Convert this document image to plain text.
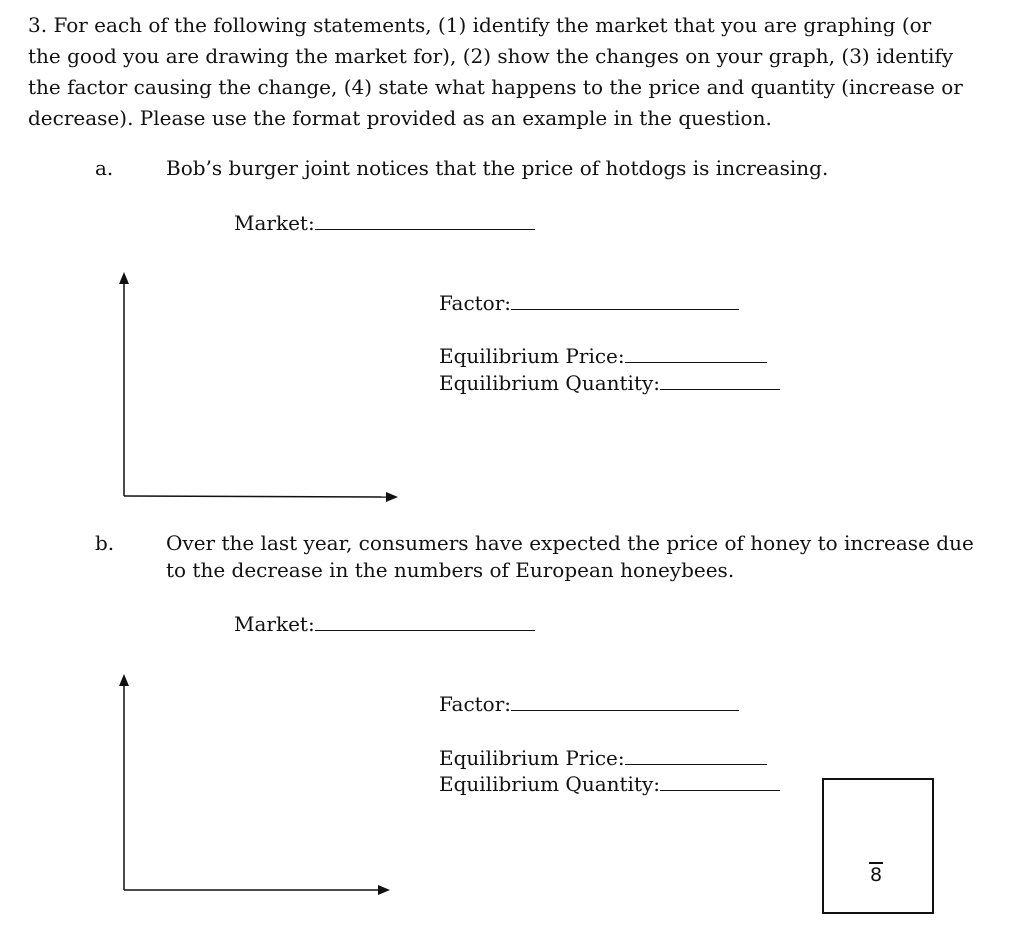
3. For each of the following statements, (1) identify the market that you are graphing (or
the good you are drawing the market for), (2) show the changes on your graph, (3) identify
the factor causing the change, (4) state what happens to the price and quantity (increase or
decrease). Please use the format provided as an example in the question.
a.	Bob’s burger joint notices that the price of hotdogs is increasing.
Market:
Factor:
Equilibrium Price:
Equilibrium Quantity:
b.	Over the last year, consumers have expected the price of honey to increase due
to the decrease in the numbers of European honeybees.
Market:
Factor:
Equilibrium Price:
Equilibrium Quantity:
8
